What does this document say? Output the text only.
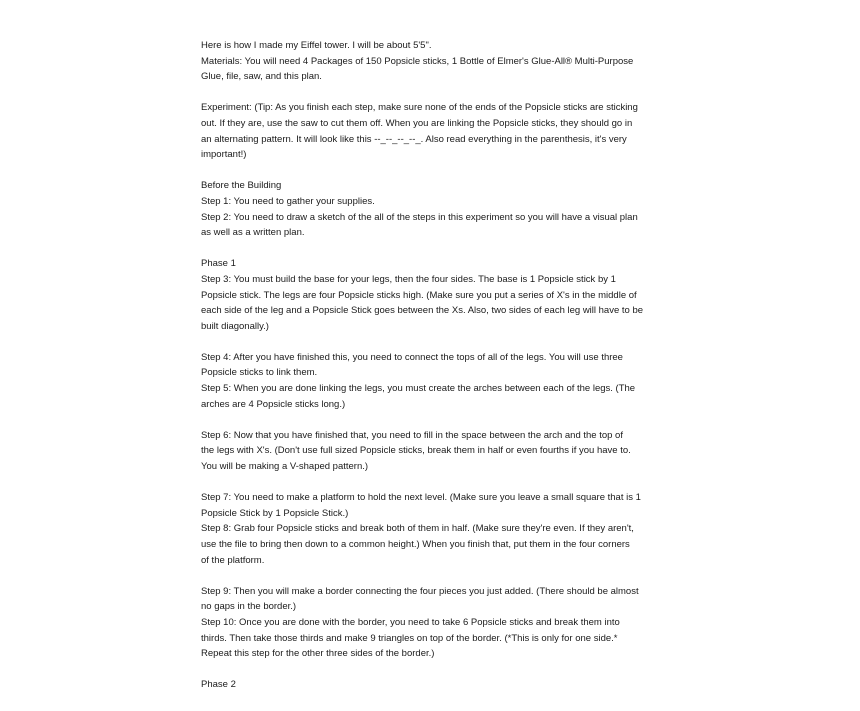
Here is how I made my Eiffel tower. I will be about 5'5".
Materials: You will need 4 Packages of 150 Popsicle sticks, 1 Bottle of Elmer's Glue-All® Multi-Purpose
Glue, file, saw, and this plan.
Experiment: (Tip: As you finish each step, make sure none of the ends of the Popsicle sticks are sticking
out. If they are, use the saw to cut them off. When you are linking the Popsicle sticks, they should go in
an alternating pattern. It will look like this --_--_--_--_. Also read everything in the parenthesis, it's very
important!)
Before the Building
Step 1: You need to gather your supplies.
Step 2: You need to draw a sketch of the all of the steps in this experiment so you will have a visual plan
as well as a written plan.
Phase 1
Step 3: You must build the base for your legs, then the four sides. The base is 1 Popsicle stick by 1
Popsicle stick. The legs are four Popsicle sticks high. (Make sure you put a series of X's in the middle of
each side of the leg and a Popsicle Stick goes between the Xs. Also, two sides of each leg will have to be
built diagonally.)
Step 4: After you have finished this, you need to connect the tops of all of the legs. You will use three
Popsicle sticks to link them.
Step 5: When you are done linking the legs, you must create the arches between each of the legs. (The
arches are 4 Popsicle sticks long.)
Step 6: Now that you have finished that, you need to fill in the space between the arch and the top of
the legs with X's. (Don't use full sized Popsicle sticks, break them in half or even fourths if you have to.
You will be making a V-shaped pattern.)
Step 7: You need to make a platform to hold the next level. (Make sure you leave a small square that is 1
Popsicle Stick by 1 Popsicle Stick.)
Step 8: Grab four Popsicle sticks and break both of them in half. (Make sure they're even. If they aren't,
use the file to bring then down to a common height.) When you finish that, put them in the four corners
of the platform.
Step 9: Then you will make a border connecting the four pieces you just added. (There should be almost
no gaps in the border.)
Step 10: Once you are done with the border, you need to take 6 Popsicle sticks and break them into
thirds. Then take those thirds and make 9 triangles on top of the border. (*This is only for one side.*
Repeat this step for the other three sides of the border.)
Phase 2
